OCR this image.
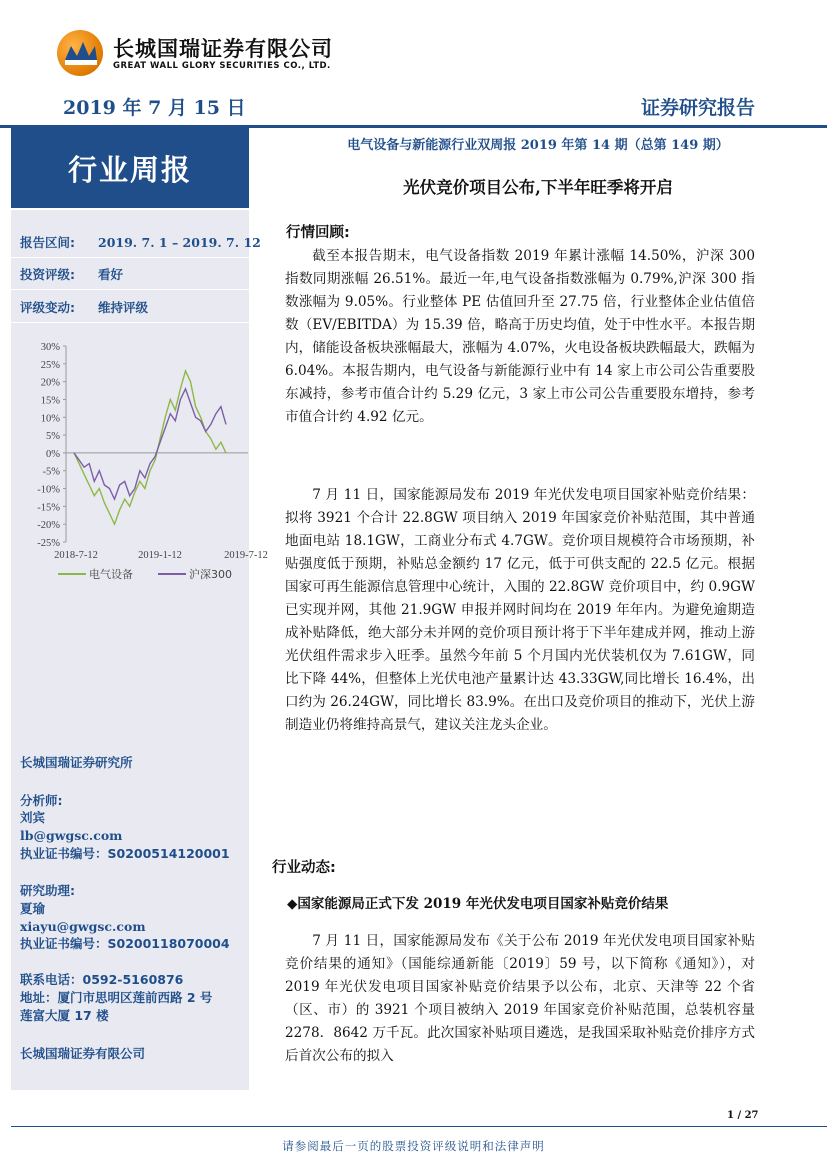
长城国瑞证券有限公司
GREAT WALL GLORY SECURITIES CO., LTD.
2019 年 7 月 15 日	证券研究报告
行业周报
电气设备与新能源行业双周报 2019 年第 14 期（总第 149 期）
光伏竞价项目公布,下半年旺季将开启
报告区间: 2019. 7. 1 – 2019. 7. 12
投资评级: 看好
评级变动: 维持评级
30%
25%
20%
15%
10%
5%
0%
-5%
-10%
-15%
-20%
-25%
2018-7-12	2019-1-12	2019-7-12
电气设备	沪深300
长城国瑞证券研究所
分析师:
刘宾
lb@gwgsc.com
执业证书编号：S0200514120001
研究助理:
夏瑜
xiayu@gwgsc.com
执业证书编号：S0200118070004
联系电话：0592-5160876
地址：厦门市思明区莲前西路 2 号
莲富大厦 17 楼
长城国瑞证券有限公司
行情回顾:

截至本报告期末，电气设备指数 2019 年累计涨幅 14.50%，沪深 300 指数同期涨幅 26.51%。最近一年,电气设备指数涨幅为 0.79%,沪深 300 指数涨幅为 9.05%。行业整体 PE 估值回升至 27.75 倍，行业整体企业估值倍数（EV/EBITDA）为 15.39 倍，略高于历史均值，处于中性水平。本报告期内，储能设备板块涨幅最大，涨幅为 4.07%，火电设备板块跌幅最大，跌幅为 6.04%。本报告期内，电气设备与新能源行业中有 14 家上市公司公告重要股东减持，参考市值合计约 5.29 亿元，3 家上市公司公告重要股东增持，参考市值合计约 4.92 亿元。

7 月 11 日，国家能源局发布 2019 年光伏发电项目国家补贴竞价结果：拟将 3921 个合计 22.8GW 项目纳入 2019 年国家竞价补贴范围，其中普通地面电站 18.1GW，工商业分布式 4.7GW。竞价项目规模符合市场预期，补贴强度低于预期，补贴总金额约 17 亿元，低于可供支配的 22.5 亿元。根据国家可再生能源信息管理中心统计，入围的 22.8GW 竞价项目中，约 0.9GW 已实现并网，其他 21.9GW 申报并网时间均在 2019 年年内。为避免逾期造成补贴降低，绝大部分未并网的竞价项目预计将于下半年建成并网，推动上游光伏组件需求步入旺季。虽然今年前 5 个月国内光伏装机仅为 7.61GW，同比下降 44%，但整体上光伏电池产量累计达 43.33GW,同比增长 16.4%，出口约为 26.24GW，同比增长 83.9%。在出口及竞价项目的推动下，光伏上游制造业仍将维持高景气，建议关注龙头企业。

行业动态:
◆国家能源局正式下发 2019 年光伏发电项目国家补贴竞价结果

7 月 11 日，国家能源局发布《关于公布 2019 年光伏发电项目国家补贴竞价结果的通知》（国能综通新能〔2019〕59 号，以下简称《通知》），对 2019 年光伏发电项目国家补贴竞价结果予以公布，北京、天津等 22 个省（区、市）的 3921 个项目被纳入 2019 年国家竞价补贴范围，总装机容量 2278．8642 万千瓦。此次国家补贴项目遴选，是我国采取补贴竞价排序方式后首次公布的拟入

1 / 27
请参阅最后一页的股票投资评级说明和法律声明
